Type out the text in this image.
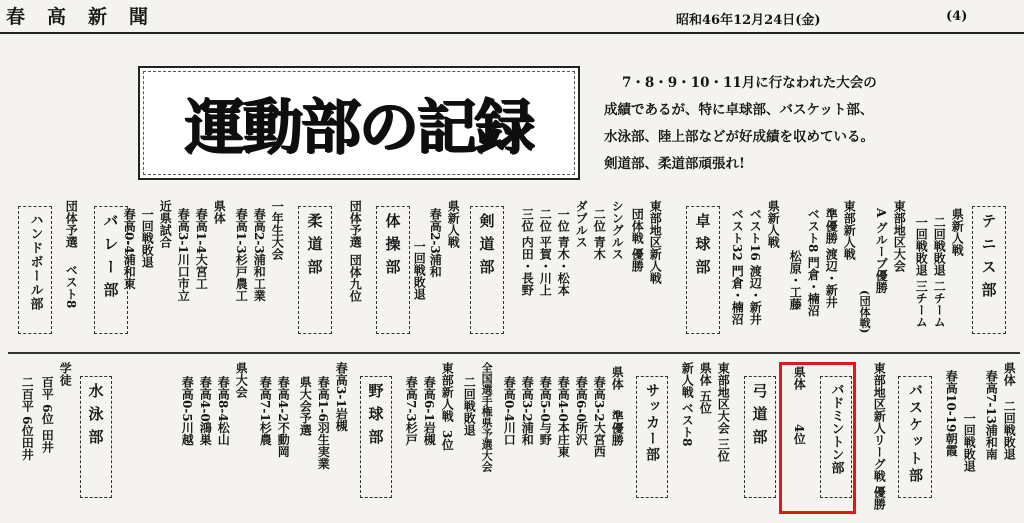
春高新聞	昭和46年12月24日(金)	(4)
運動部の記録
7・8・9・10・11月に行なわれた大会の
成績であるが、特に卓球部、バスケット部、
水泳部、陸上部などが好成績を収めている。
剣道部、柔道部頑張れ!
テニス部
県新人戦
二回戦敗退 二チーム
一回戦敗退 三チーム
東部地区大会
A グループ優勝
(団体戦)
卓球部	東部新人戦
準優勝 渡辺・新井
ベスト8 門倉・楠沼
松原・工藤
県新人戦
ベスト16 渡辺・新井
ベスト32 門倉・楠沼
東部地区新人戦
団体戦 優勝
剣道部	シングルス
二位 青木
ダブルス
一位 青木・松本
二位 平賀・川上
三位 内田・長野
体操部	県新人戦
春高2-3浦和
一回戦敗退
柔道部 団体予選
団体九位
バレー部	一年生大会
春高2-3浦和工業
春高1-3杉戸農工
県体
春高1-4大宮工
春高3-1川口市立
近県試合
一回戦敗退
春高0-4浦和東
ハンドボール部 団体予選
ベスト8
バスケット部
県体
二回戦敗退
春高7-13浦和南
一回戦敗退
春高10-19朝霞
東部地区新人リーグ戦 優勝
バドミントン部
県体
4位
弓道部
東部地区大会 三位
県体 五位
新人戦 ベスト8
サッカー部
県体
準優勝
春高3-2大宮西
春高6-0所沢
春高4-0本庄東
春高5-0与野
春高3-2浦和
春高0-4川口
全国選手権県予選大会
二回戦敗退
東部新人戦
3位
春高6-1岩槻
春高7-3杉戸
野球部
春高3-1岩槻
春高1-6羽生実業
県大会予選
春高4-2不動岡
春高7-1杉農
水泳部
県大会
春高8-4松山
春高4-0鴻巣
春高0-5川越
学徒
百平 6位 田井
二百平 6位田井
